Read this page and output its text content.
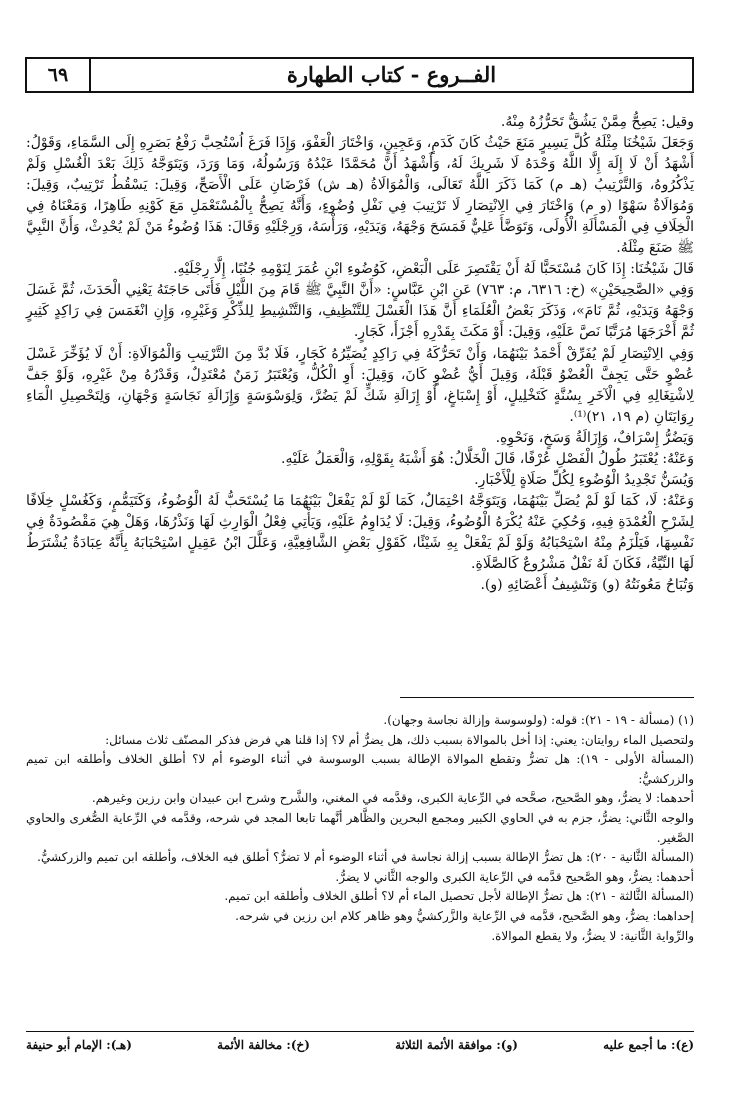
الفــروع - كتاب الطهارة
٦٩

وقيل: يَصِحُّ مِمَّنْ يَشُقُّ تَحَرُّزُهُ مِنْهُ.

وَجَعَلَ شَيْخُنَا مِثْلَهُ كُلَّ يَسِيرٍ مَنَعَ حَيْثُ كَانَ كَدَمٍ، وَعَجِينٍ، وَاخْتَارَ الْعَفْوَ، وَإِذَا فَرَغَ اُسْتُحِبَّ رَفْعُ بَصَرِهِ إِلَى السَّمَاءِ، وَقَوْلُ: أَشْهَدُ أَنْ لَا إِلَهَ إِلَّا اللَّهُ وَحْدَهُ لَا شَرِيكَ لَهُ، وَأَشْهَدُ أَنَّ مُحَمَّدًا عَبْدُهُ وَرَسُولُهُ، وَمَا وَرَدَ، وَيَتَوَجَّهُ ذَلِكَ بَعْدَ الْغُسْلِ وَلَمْ يَذْكُرُوهُ، وَالتَّرْتِيبُ (هـ م) كَمَا ذَكَرَ اللَّهُ تَعَالَى، وَالْمُوَالَاةُ (هـ ش) فَرْضَانِ عَلَى الْأَصَحِّ، وَقِيلَ: يَسْقُطُ تَرْتِيبٌ، وَقِيلَ: وَمُوَالَاةٌ سَهْوًا (و م) وَاخْتَارَ فِي الِانْتِصَارِ لَا تَرْتِيبَ فِي نَفْلِ وُضُوءٍ، وَأَنَّهُ يَصِحُّ بِالْمُسْتَعْمَلِ مَعَ كَوْنِهِ طَاهِرًا، وَمَعْنَاهُ فِي الْخِلَافِ فِي الْمَسْأَلَةِ الْأُولَى، وَتَوَضَّأَ عَلِيٌّ فَمَسَحَ وَجْهَهُ، وَيَدَيْهِ، وَرَأْسَهُ، وَرِجْلَيْهِ وَقَالَ: هَذَا وُضُوءُ مَنْ لَمْ يُحْدِثْ، وَأَنَّ النَّبِيَّ ﷺ صَنَعَ مِثْلَهُ.

قَالَ شَيْخُنَا: إِذَا كَانَ مُسْتَحَبًّا لَهُ أَنْ يَقْتَصِرَ عَلَى الْبَعْضِ، كَوُضُوءِ ابْنِ عُمَرَ لِنَوْمِهِ جُنُبًا، إِلَّا رِجْلَيْهِ.

وَفِي «الصَّحِيحَيْنِ» (خ: ٦٣١٦، م: ٧٦٣) عَنِ ابْنِ عَبَّاسٍ: «أَنَّ النَّبِيَّ ﷺ قَامَ مِنَ اللَّيْلِ فَأَتَى حَاجَتَهُ يَعْنِي الْحَدَثَ، ثُمَّ غَسَلَ وَجْهَهُ وَيَدَيْهِ، ثُمَّ نَامَ»، وَذَكَرَ بَعْضُ الْعُلَمَاءِ أَنَّ هَذَا الْغَسْلَ لِلتَّنْظِيفِ، وَالتَّنْشِيطِ لِلذِّكْرِ وَغَيْرِهِ، وَإِنِ انْغَمَسَ فِي رَاكِدٍ كَثِيرٍ ثُمَّ أَخْرَجَهَا مُرَتَّبًا نَصَّ عَلَيْهِ، وَقِيلَ: أَوْ مَكَثَ بِقَدْرِهِ أَجْزَأَ، كَجَارٍ.

وَفِي الِانْتِصَارِ لَمْ يُفَرِّقْ أَحْمَدُ بَيْنَهُمَا، وَأَنْ تَحَرُّكَهُ فِي رَاكِدٍ يُصَيِّرُهُ كَجَارٍ، فَلَا بُدَّ مِنَ التَّرْتِيبِ وَالْمُوَالَاةِ: أَنْ لَا يُؤَخِّرَ غَسْلَ عُضْوٍ حَتَّى يَجِفَّ الْعُضْوُ قَبْلَهُ، وَقِيلَ أَيُّ عُضْوٍ كَانَ، وَقِيلَ: أَوِ الْكُلُّ، وَيُعْتَبَرُ زَمَنٌ مُعْتَدِلٌ، وَقَدْرُهُ مِنْ غَيْرِهِ، وَلَوْ جَفَّ لِاشْتِغَالِهِ فِي الْآخَرِ بِسُنَّةٍ كَتَخْلِيلٍ، أَوْ إِسْبَاغٍ، أَوْ إِزَالَةِ شَكٍّ لَمْ يَضُرَّ، وَلِوَسْوَسَةٍ وَإِزَالَةِ نَجَاسَةٍ وَجْهَانِ، وَلِتَحْصِيلِ الْمَاءِ رِوَايَتَانِ (م ١٩، ٢١)⁽¹⁾.

وَيَضُرُّ إِسْرَافٌ، وَإِزَالَةُ وَسَخٍ، وَنَحْوِهِ.

وَعَنْهُ: يُعْتَبَرُ طُولُ الْفَصْلِ عُرْفًا، قَالَ الْخَلَّالُ: هُوَ أَشْبَهُ بِقَوْلِهِ، وَالْعَمَلُ عَلَيْهِ.

وَيُسَنُّ تَجْدِيدُ الْوُضُوءِ لِكُلِّ صَلَاةٍ لِلْأَخْبَارِ.

وَعَنْهُ: لَا، كَمَا لَوْ لَمْ يُصَلِّ بَيْنَهُمَا، وَيَتَوَجَّهُ احْتِمَالٌ، كَمَا لَوْ لَمْ يَفْعَلْ بَيْنَهُمَا مَا يُسْتَحَبُّ لَهُ الْوُضُوءُ، وَكَتَيَمُّمٍ، وَكَغُسْلٍ خِلَافًا لِشَرْحِ الْعُمْدَةِ فِيهِ، وَحُكِيَ عَنْهُ يُكْرَهُ الْوُضُوءُ، وَقِيلَ: لَا يُدَاوِمُ عَلَيْهِ، وَيَأْتِي فِعْلُ الْوَارِثِ لَهَا وَنَذْرُهَا، وَهَلْ هِيَ مَقْصُودَةٌ فِي نَفْسِهَا، فَيَلْزَمُ مِنْهُ اسْتِحْبَابُهُ وَلَوْ لَمْ يَفْعَلْ بِهِ شَيْئًا، كَقَوْلِ بَعْضِ الشَّافِعِيَّةِ، وَعَلَّلَ ابْنُ عَقِيلٍ اسْتِحْبَابَهُ بِأَنَّهُ عِبَادَةٌ يُشْتَرَطُ لَهَا النِّيَّةُ، فَكَانَ لَهُ نَفْلٌ مَشْرُوعٌ كَالصَّلَاةِ.

وَتُبَاحُ مَعُونَتُهُ (و) وَتَنْشِيفُ أَعْضَائِهِ (و).

(١) (مسألة - ١٩ - ٢١): قوله: (ولوسوسة وإزالة نجاسة وجهان).

ولتحصيل الماء روايتان: يعني: إذا أخل بالموالاة بسبب ذلك، هل يضرُّ أم لا؟ إذا قلنا هي فرض فذكر المصنّف ثلاث مسائل:

(المسألة الأولى - ١٩): هل تضرُّ وتقطع الموالاة الإطالة بسبب الوسوسة في أثناء الوضوء أم لا؟ أطلق الخلاف وأطلقه ابن تميم والزركشيُّ:

أحدهما: لا يضرُّ، وهو الصَّحيح، صحَّحه في الرِّعاية الكبرى، وقدَّمه في المغني، والشَّرح وشرح ابن عبيدان وابن رزين وغيرهم.

والوجه الثَّاني: يضرُّ، جزم به في الحاوي الكبير ومجمع البحرين والظَّاهر أنَّهما تابعا المجد في شرحه، وقدَّمه في الرِّعاية الصُّغرى والحاوي الصَّغير.

(المسألة الثَّانية - ٢٠): هل تضرُّ الإطالة بسبب إزالة نجاسة في أثناء الوضوء أم لا تضرُّ؟ أطلق فيه الخلاف، وأطلقه ابن تميم والزركشيُّ.

أحدهما: يضرُّ، وهو الصَّحيح قدَّمه في الرِّعاية الكبرى والوجه الثَّاني لا يضرُّ.

(المسألة الثَّالثة - ٢١): هل تضرُّ الإطالة لأجل تحصيل الماء أم لا؟ أطلق الخلاف وأطلقه ابن تميم.

إحداهما: يضرُّ، وهو الصَّحيح، قدَّمه في الرِّعاية والزَّركشيُّ وهو ظاهر كلام ابن رزين في شرحه.

والرِّواية الثَّانية: لا يضرُّ، ولا يقطع الموالاة.

(ع): ما أجمع عليه
(و): موافقة الأئمة الثلاثة
(خ): مخالفة الأئمة
(هـ): الإمام أبو حنيفة
